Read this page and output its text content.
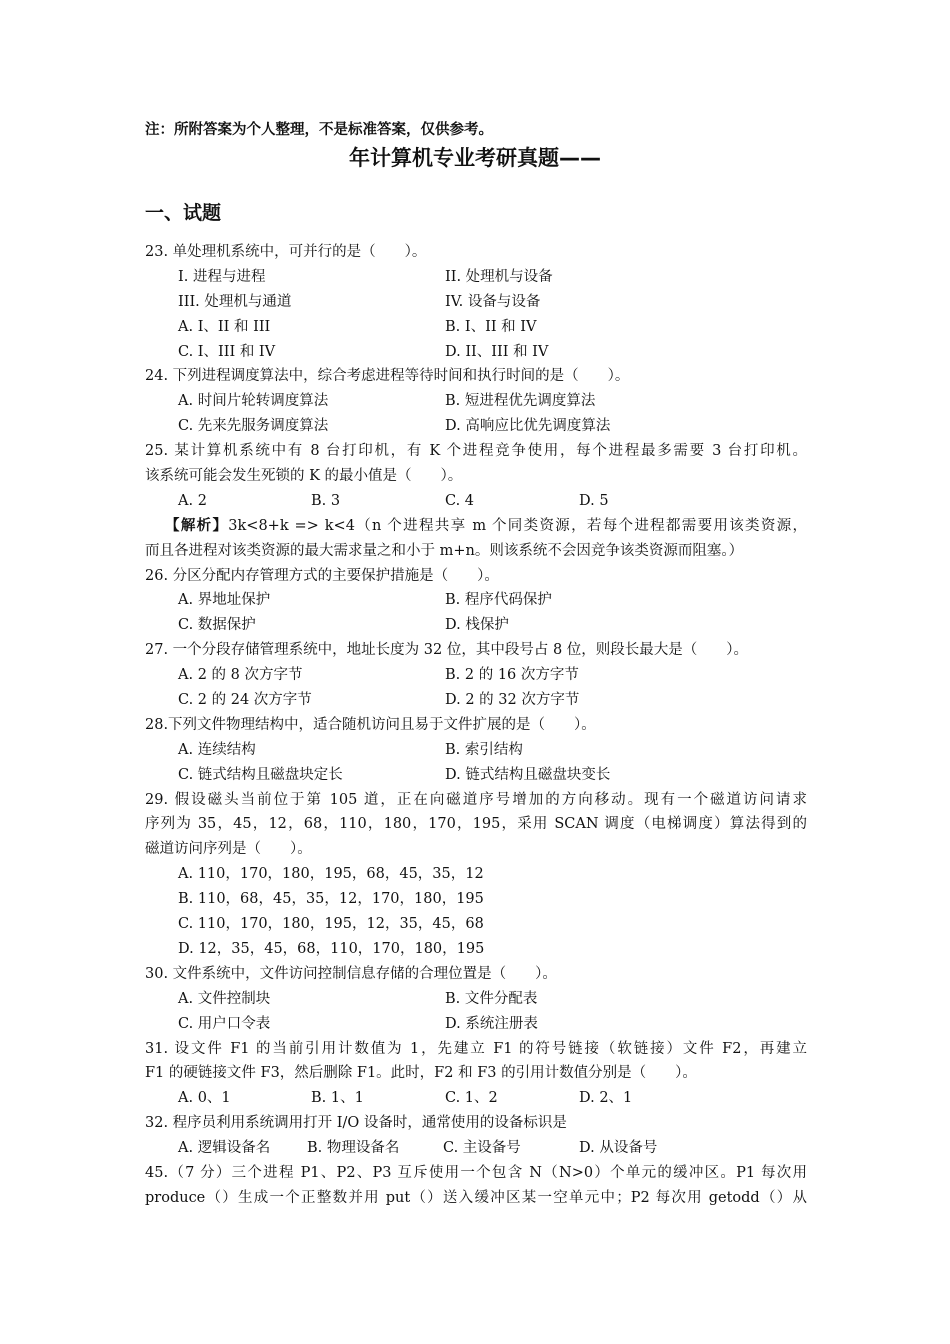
注：所附答案为个人整理，不是标准答案，仅供参考。
年计算机专业考研真题——
一、试题
23. 单处理机系统中，可并行的是（　　）。
I. 进程与进程	II. 处理机与设备
III. 处理机与通道	IV. 设备与设备
A. I、II 和 III	B. I、II 和 IV
C. I、III 和 IV	D. II、III 和 IV
24. 下列进程调度算法中，综合考虑进程等待时间和执行时间的是（　　）。
A. 时间片轮转调度算法	B. 短进程优先调度算法
C. 先来先服务调度算法	D. 高响应比优先调度算法
25. 某计算机系统中有 8 台打印机，有 K 个进程竞争使用，每个进程最多需要 3 台打印机。
该系统可能会发生死锁的 K 的最小值是（　　）。
A. 2	B. 3	C. 4	D. 5
【解析】3k<8+k => k<4（n 个进程共享 m 个同类资源，若每个进程都需要用该类资源，
而且各进程对该类资源的最大需求量之和小于 m+n。则该系统不会因竞争该类资源而阻塞。）
26. 分区分配内存管理方式的主要保护措施是（　　）。
A. 界地址保护	B. 程序代码保护
C. 数据保护	D. 栈保护
27. 一个分段存储管理系统中，地址长度为 32 位，其中段号占 8 位，则段长最大是（　　）。
A. 2 的 8 次方字节	B. 2 的 16 次方字节
C. 2 的 24 次方字节	D. 2 的 32 次方字节
28.下列文件物理结构中，适合随机访问且易于文件扩展的是（　　）。
A. 连续结构	B. 索引结构
C. 链式结构且磁盘块定长	D. 链式结构且磁盘块变长
29. 假设磁头当前位于第 105 道，正在向磁道序号增加的方向移动。现有一个磁道访问请求
序列为 35，45，12，68，110，180，170，195，采用 SCAN 调度（电梯调度）算法得到的
磁道访问序列是（　　）。
A. 110，170，180，195，68，45，35，12
B. 110，68，45，35，12，170，180，195
C. 110，170，180，195，12，35，45，68
D. 12，35，45，68，110，170，180，195
30. 文件系统中，文件访问控制信息存储的合理位置是（　　）。
A. 文件控制块	B. 文件分配表
C. 用户口令表	D. 系统注册表
31. 设文件 F1 的当前引用计数值为 1，先建立 F1 的符号链接（软链接）文件 F2，再建立
F1 的硬链接文件 F3，然后删除 F1。此时，F2 和 F3 的引用计数值分别是（　　）。
A. 0、1	B. 1、1	C. 1、2	D. 2、1
32. 程序员利用系统调用打开 I/O 设备时，通常使用的设备标识是
A. 逻辑设备名	B. 物理设备名	C. 主设备号	D. 从设备号
45.（7 分）三个进程 P1、P2、P3 互斥使用一个包含 N（N>0）个单元的缓冲区。P1 每次用
produce（）生成一个正整数并用 put（）送入缓冲区某一空单元中；P2 每次用 getodd（）从
